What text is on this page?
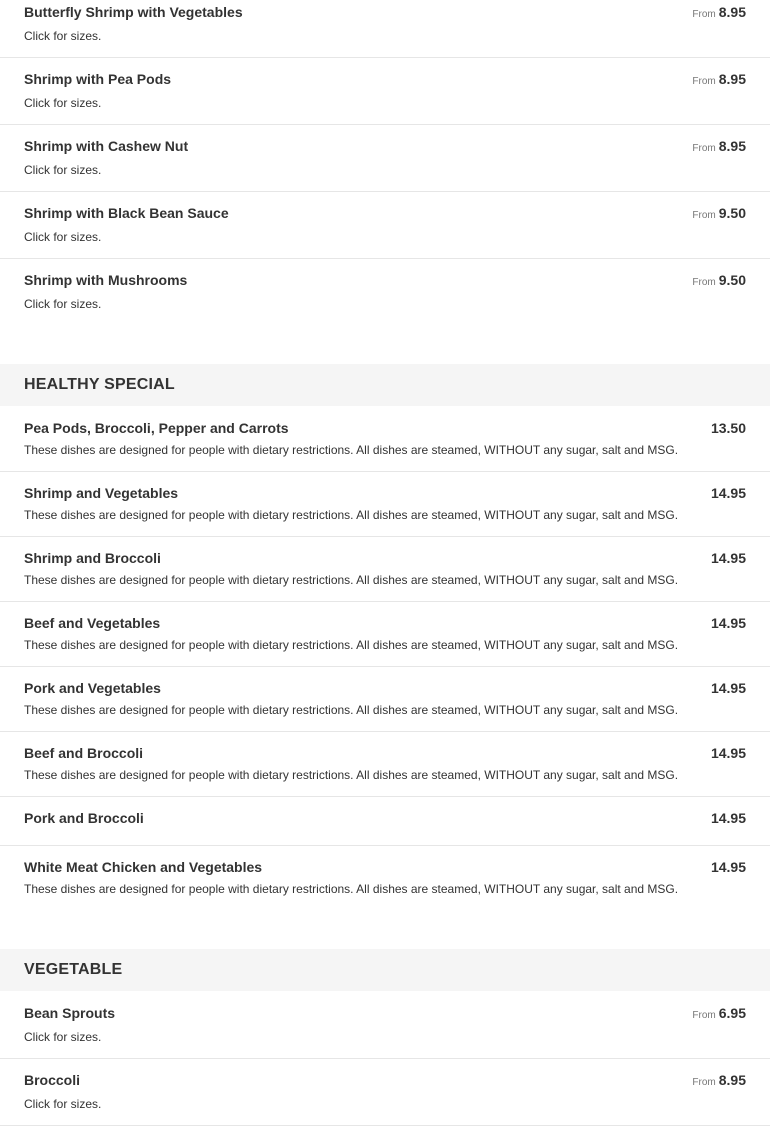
Butterfly Shrimp with Vegetables
Click for sizes.
From 8.95
Shrimp with Pea Pods
Click for sizes.
From 8.95
Shrimp with Cashew Nut
Click for sizes.
From 8.95
Shrimp with Black Bean Sauce
Click for sizes.
From 9.50
Shrimp with Mushrooms
Click for sizes.
From 9.50
HEALTHY SPECIAL
Pea Pods, Broccoli, Pepper and Carrots
These dishes are designed for people with dietary restrictions. All dishes are steamed, WITHOUT any sugar, salt and MSG.
13.50
Shrimp and Vegetables
These dishes are designed for people with dietary restrictions. All dishes are steamed, WITHOUT any sugar, salt and MSG.
14.95
Shrimp and Broccoli
These dishes are designed for people with dietary restrictions. All dishes are steamed, WITHOUT any sugar, salt and MSG.
14.95
Beef and Vegetables
These dishes are designed for people with dietary restrictions. All dishes are steamed, WITHOUT any sugar, salt and MSG.
14.95
Pork and Vegetables
These dishes are designed for people with dietary restrictions. All dishes are steamed, WITHOUT any sugar, salt and MSG.
14.95
Beef and Broccoli
These dishes are designed for people with dietary restrictions. All dishes are steamed, WITHOUT any sugar, salt and MSG.
14.95
Pork and Broccoli	14.95
White Meat Chicken and Vegetables
These dishes are designed for people with dietary restrictions. All dishes are steamed, WITHOUT any sugar, salt and MSG.
14.95
VEGETABLE
Bean Sprouts
Click for sizes.
From 6.95
Broccoli
Click for sizes.
From 8.95
